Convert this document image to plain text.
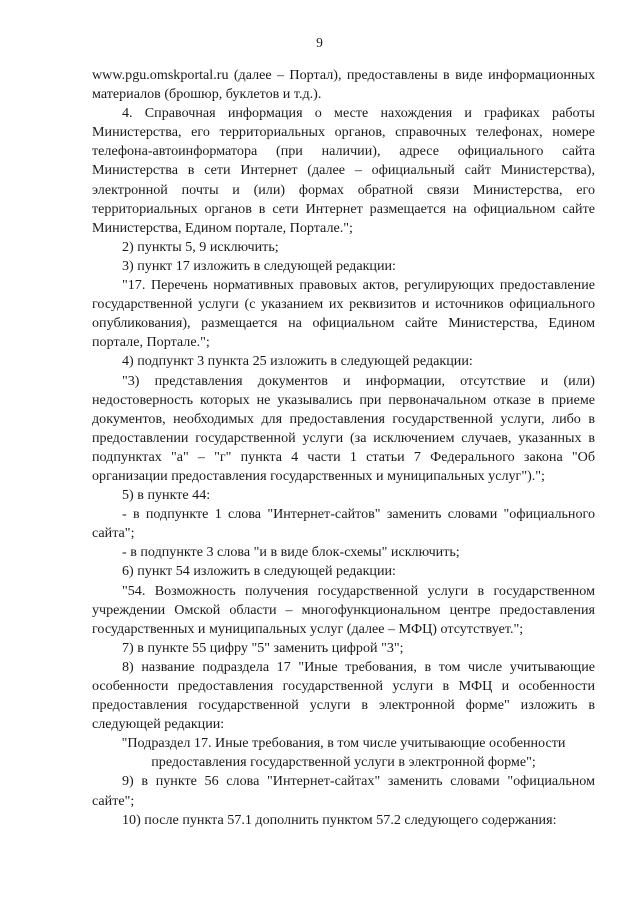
9

www.pgu.omskportal.ru (далее – Портал), предоставлены в виде информационных материалов (брошюр, буклетов и т.д.).

4. Справочная информация о месте нахождения и графиках работы Министерства, его территориальных органов, справочных телефонах, номере телефона-автоинформатора (при наличии), адресе официального сайта Министерства в сети Интернет (далее – официальный сайт Министерства), электронной почты и (или) формах обратной связи Министерства, его территориальных органов в сети Интернет размещается на официальном сайте Министерства, Едином портале, Портале.";

2) пункты 5, 9 исключить;

3) пункт 17 изложить в следующей редакции:

"17. Перечень нормативных правовых актов, регулирующих предоставление государственной услуги (с указанием их реквизитов и источников официального опубликования), размещается на официальном сайте Министерства, Едином портале, Портале.";

4) подпункт 3 пункта 25 изложить в следующей редакции:

"3) представления документов и информации, отсутствие и (или) недостоверность которых не указывались при первоначальном отказе в приеме документов, необходимых для предоставления государственной услуги, либо в предоставлении государственной услуги (за исключением случаев, указанных в подпунктах "а" – "г" пункта 4 части 1 статьи 7 Федерального закона "Об организации предоставления государственных и муниципальных услуг").";

5) в пункте 44:

- в подпункте 1 слова "Интернет-сайтов" заменить словами "официального сайта";

- в подпункте 3 слова "и в виде блок-схемы" исключить;

6) пункт 54 изложить в следующей редакции:

"54. Возможность получения государственной услуги в государственном учреждении Омской области – многофункциональном центре предоставления государственных и муниципальных услуг (далее – МФЦ) отсутствует.";

7) в пункте 55 цифру "5" заменить цифрой "3";

8) название подраздела 17 "Иные требования, в том числе учитывающие особенности предоставления государственной услуги в МФЦ и особенности предоставления государственной услуги в электронной форме" изложить в следующей редакции:

"Подраздел 17. Иные требования, в том числе учитывающие особенности предоставления государственной услуги в электронной форме";

9) в пункте 56 слова "Интернет-сайтах" заменить словами "официальном сайте";

10) после пункта 57.1 дополнить пунктом 57.2 следующего содержания:
